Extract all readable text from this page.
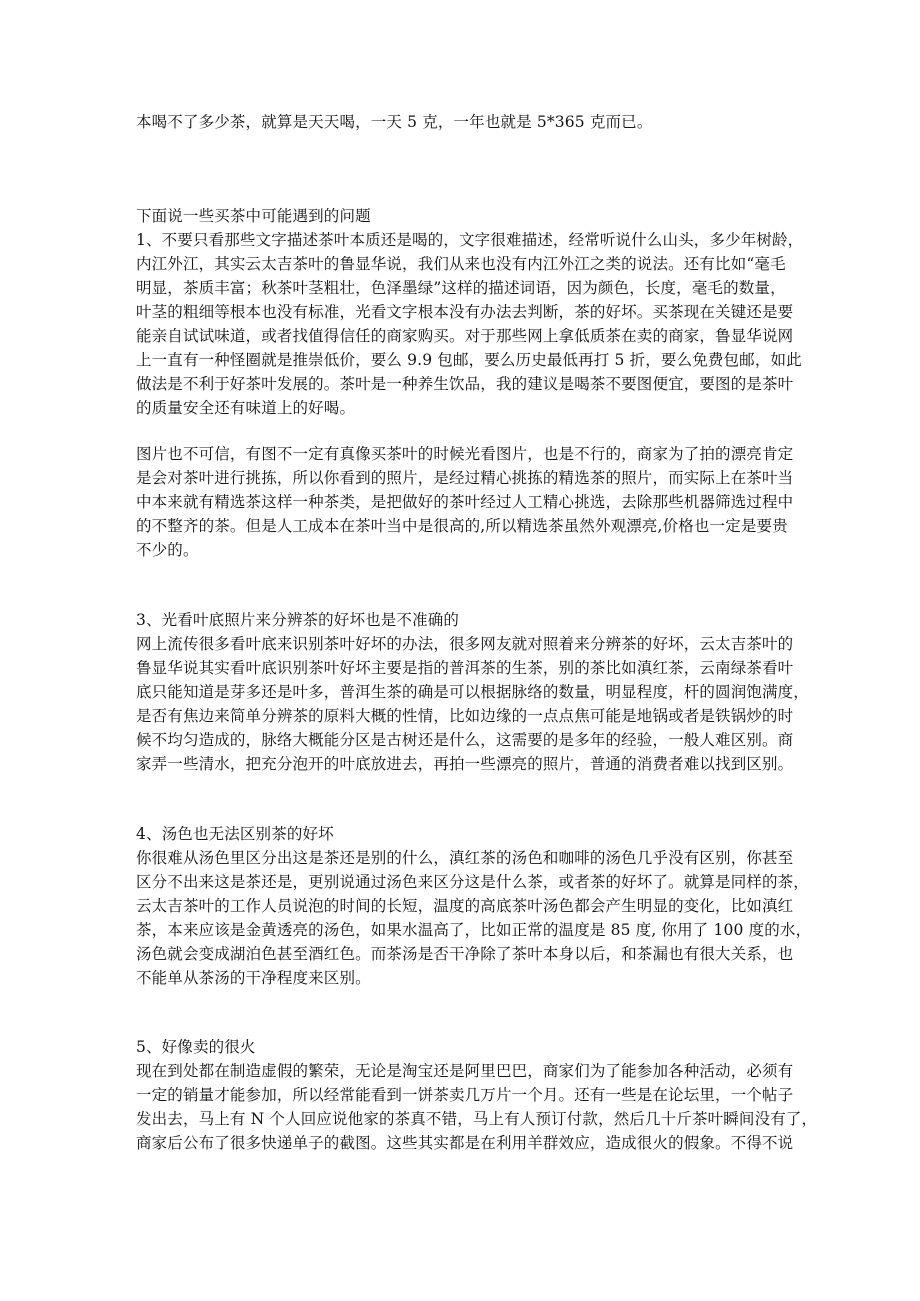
本喝不了多少茶，就算是天天喝，一天 5 克，一年也就是 5*365 克而已。
下面说一些买茶中可能遇到的问题
1、不要只看那些文字描述茶叶本质还是喝的，文字很难描述，经常听说什么山头，多少年树龄，
内江外江，其实云太吉茶叶的鲁显华说，我们从来也没有内江外江之类的说法。还有比如“毫毛
明显，茶质丰富；秋茶叶茎粗壮，色泽墨绿”这样的描述词语，因为颜色，长度，毫毛的数量，
叶茎的粗细等根本也没有标准，光看文字根本没有办法去判断，茶的好坏。买茶现在关键还是要
能亲自试试味道，或者找值得信任的商家购买。对于那些网上拿低质茶在卖的商家，鲁显华说网
上一直有一种怪圈就是推崇低价，要么 9.9 包邮，要么历史最低再打 5 折，要么免费包邮，如此
做法是不利于好茶叶发展的。茶叶是一种养生饮品，我的建议是喝茶不要图便宜，要图的是茶叶
的质量安全还有味道上的好喝。
图片也不可信，有图不一定有真像买茶叶的时候光看图片，也是不行的，商家为了拍的漂亮肯定
是会对茶叶进行挑拣，所以你看到的照片，是经过精心挑拣的精选茶的照片，而实际上在茶叶当
中本来就有精选茶这样一种茶类，是把做好的茶叶经过人工精心挑选，去除那些机器筛选过程中
的不整齐的茶。但是人工成本在茶叶当中是很高的,所以精选茶虽然外观漂亮,价格也一定是要贵
不少的。
3、光看叶底照片来分辨茶的好坏也是不准确的
网上流传很多看叶底来识别茶叶好坏的办法，很多网友就对照着来分辨茶的好坏，云太吉茶叶的
鲁显华说其实看叶底识别茶叶好坏主要是指的普洱茶的生茶，别的茶比如滇红茶，云南绿茶看叶
底只能知道是芽多还是叶多，普洱生茶的确是可以根据脉络的数量，明显程度，杆的圆润饱满度，
是否有焦边来简单分辨茶的原料大概的性情，比如边缘的一点点焦可能是地锅或者是铁锅炒的时
候不均匀造成的，脉络大概能分区是古树还是什么，这需要的是多年的经验，一般人难区别。商
家弄一些清水，把充分泡开的叶底放进去，再拍一些漂亮的照片，普通的消费者难以找到区别。
4、汤色也无法区别茶的好坏
你很难从汤色里区分出这是茶还是别的什么，滇红茶的汤色和咖啡的汤色几乎没有区别，你甚至
区分不出来这是茶还是，更别说通过汤色来区分这是什么茶，或者茶的好坏了。就算是同样的茶，
云太吉茶叶的工作人员说泡的时间的长短，温度的高底茶叶汤色都会产生明显的变化，比如滇红
茶，本来应该是金黄透亮的汤色，如果水温高了，比如正常的温度是 85 度, 你用了 100 度的水，
汤色就会变成湖泊色甚至酒红色。而茶汤是否干净除了茶叶本身以后，和茶漏也有很大关系，也
不能单从茶汤的干净程度来区别。
5、好像卖的很火
现在到处都在制造虚假的繁荣，无论是淘宝还是阿里巴巴，商家们为了能参加各种活动，必须有
一定的销量才能参加，所以经常能看到一饼茶卖几万片一个月。还有一些是在论坛里，一个帖子
发出去，马上有 N 个人回应说他家的茶真不错，马上有人预订付款，然后几十斤茶叶瞬间没有了，
商家后公布了很多快递单子的截图。这些其实都是在利用羊群效应，造成很火的假象。不得不说
